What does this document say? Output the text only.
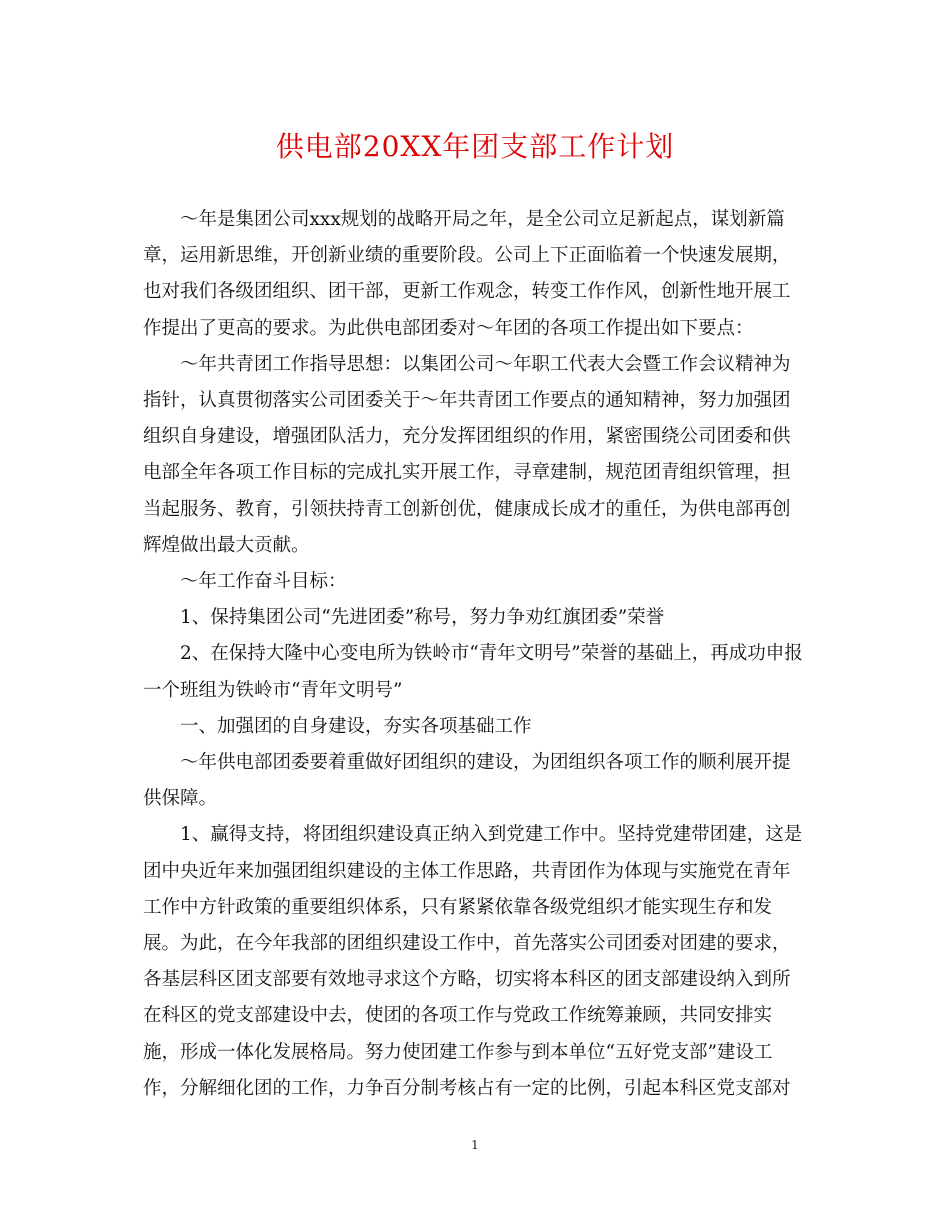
供电部20XX年团支部工作计划

～年是集团公司xxx规划的战略开局之年，是全公司立足新起点，谋划新篇
章，运用新思维，开创新业绩的重要阶段。公司上下正面临着一个快速发展期，
也对我们各级团组织、团干部，更新工作观念，转变工作作风，创新性地开展工
作提出了更高的要求。为此供电部团委对～年团的各项工作提出如下要点：

～年共青团工作指导思想：以集团公司～年职工代表大会暨工作会议精神为
指针，认真贯彻落实公司团委关于～年共青团工作要点的通知精神，努力加强团
组织自身建设，增强团队活力，充分发挥团组织的作用，紧密围绕公司团委和供
电部全年各项工作目标的完成扎实开展工作，寻章建制，规范团青组织管理，担
当起服务、教育，引领扶持青工创新创优，健康成长成才的重任，为供电部再创
辉煌做出最大贡献。

～年工作奋斗目标：

1、保持集团公司“先进团委”称号，努力争劝红旗团委”荣誉

2、在保持大隆中心变电所为铁岭市“青年文明号”荣誉的基础上，再成功申报
一个班组为铁岭市“青年文明号”

一、加强团的自身建设，夯实各项基础工作

～年供电部团委要着重做好团组织的建设，为团组织各项工作的顺利展开提
供保障。

1、赢得支持，将团组织建设真正纳入到党建工作中。坚持党建带团建，这是
团中央近年来加强团组织建设的主体工作思路，共青团作为体现与实施党在青年
工作中方针政策的重要组织体系，只有紧紧依靠各级党组织才能实现生存和发
展。为此，在今年我部的团组织建设工作中，首先落实公司团委对团建的要求，
各基层科区团支部要有效地寻求这个方略，切实将本科区的团支部建设纳入到所
在科区的党支部建设中去，使团的各项工作与党政工作统筹兼顾，共同安排实
施，形成一体化发展格局。努力使团建工作参与到本单位“五好党支部”建设工
作，分解细化团的工作，力争百分制考核占有一定的比例，引起本科区党支部对

1
